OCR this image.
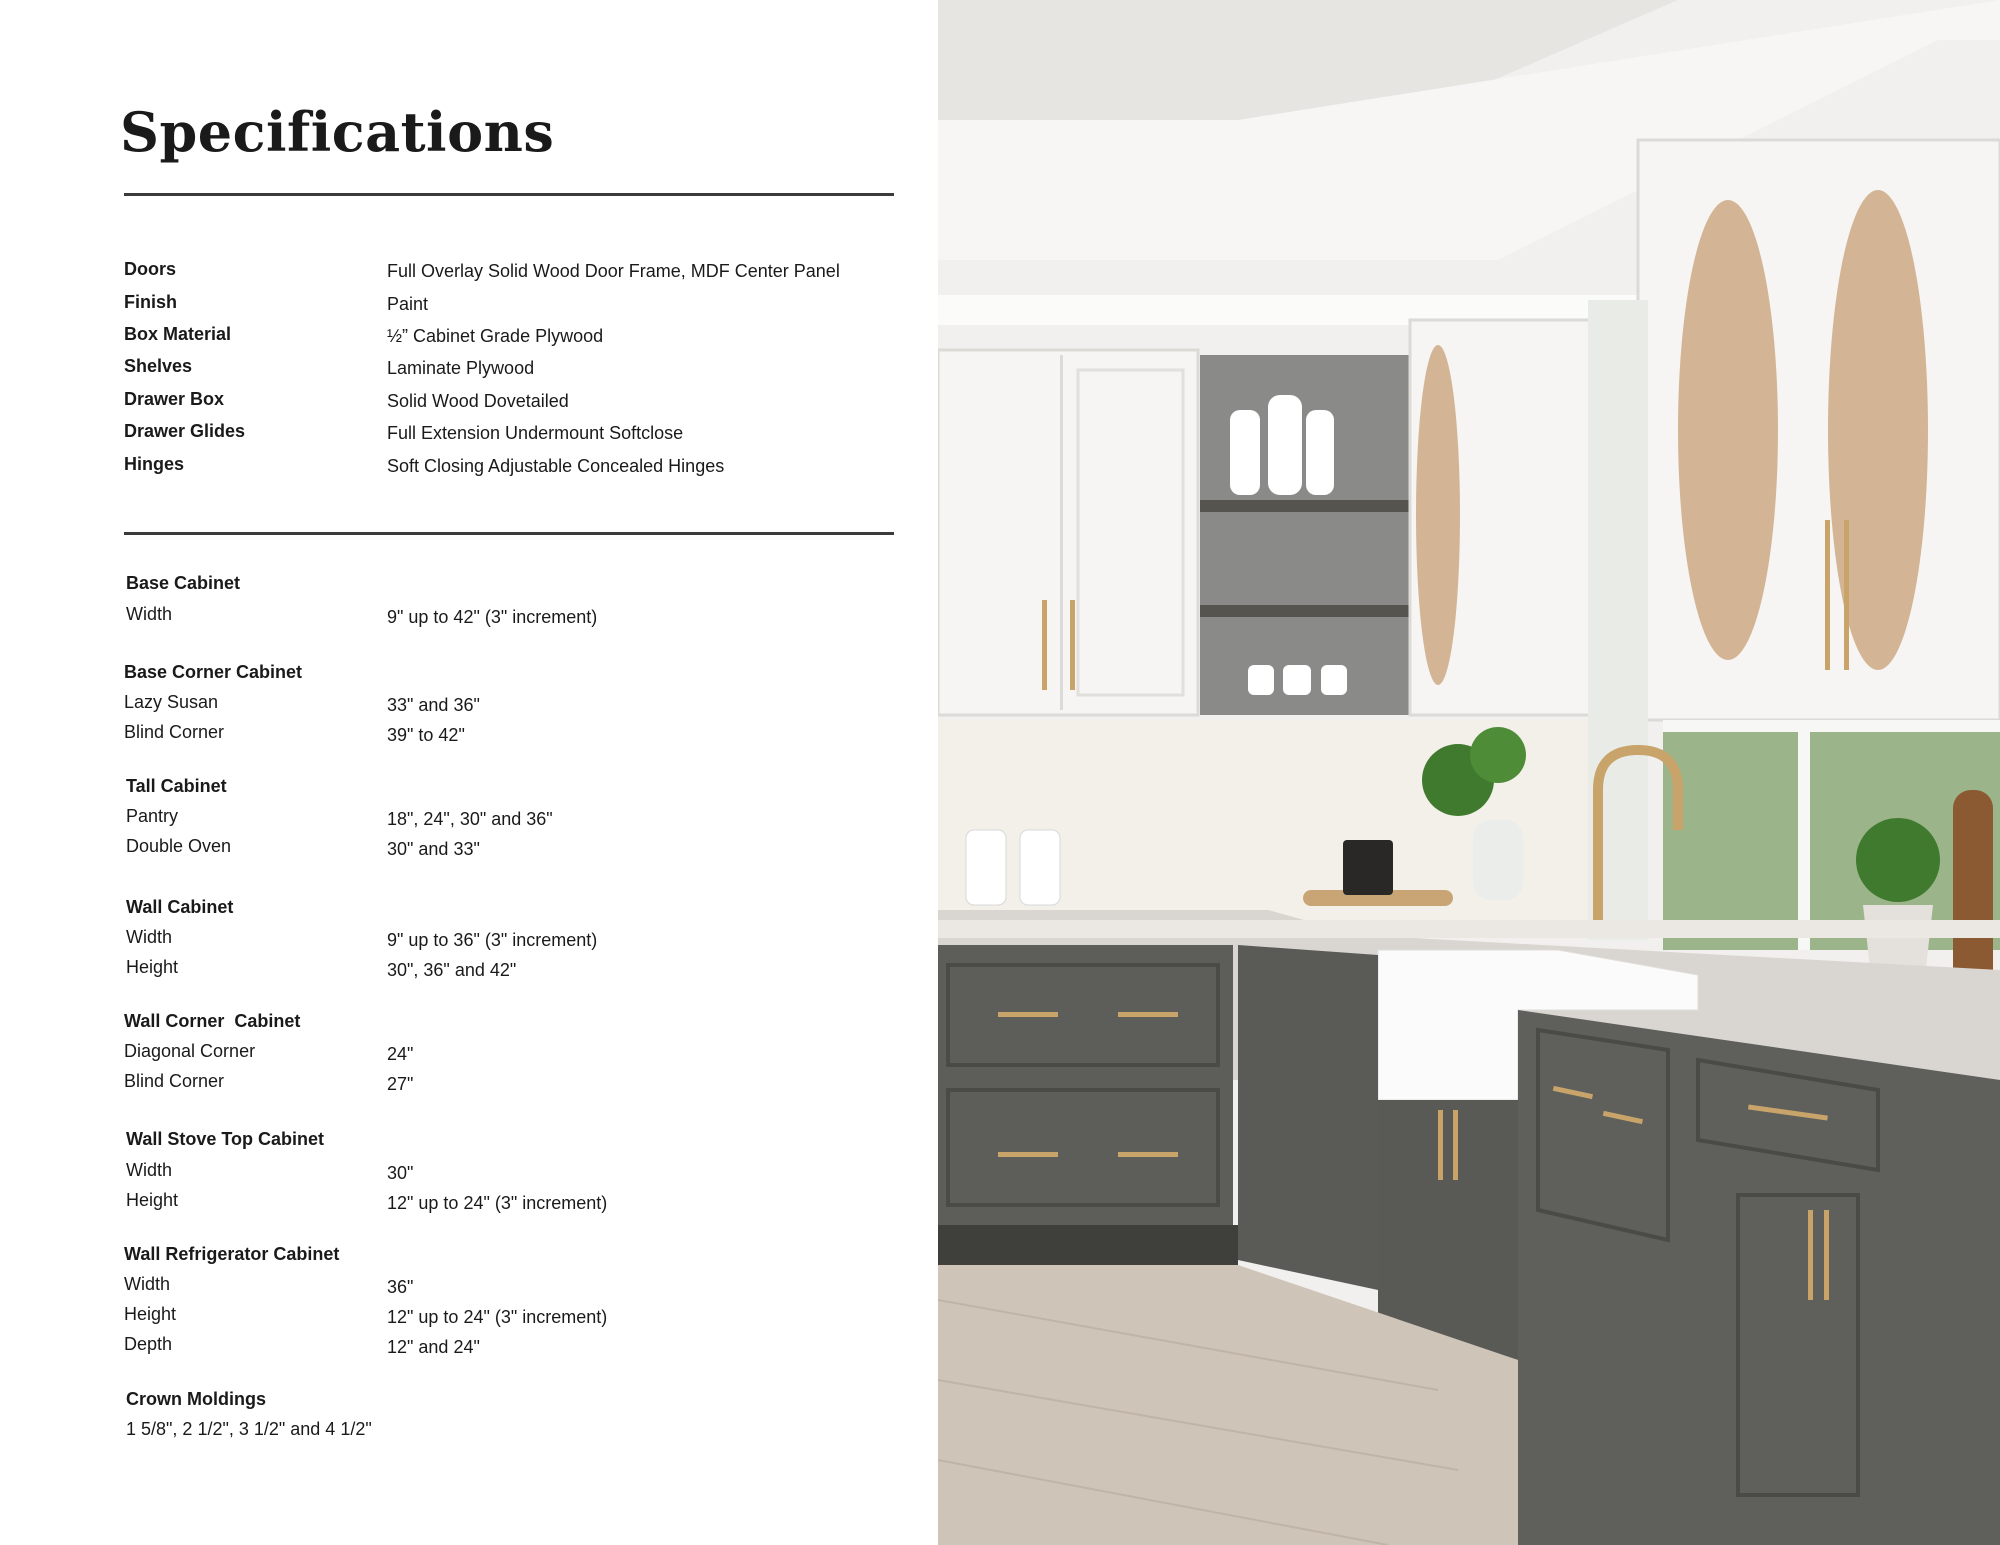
Specifications
Doors	Full Overlay Solid Wood Door Frame, MDF Center Panel
Finish	Paint
Box Material	½” Cabinet Grade Plywood
Shelves	Laminate Plywood
Drawer Box	Solid Wood Dovetailed
Drawer Glides	Full Extension Undermount Softclose
Hinges	Soft Closing Adjustable Concealed Hinges
Base Cabinet
Width	9" up to 42" (3" increment)
Base Corner Cabinet
Lazy Susan	33" and 36"
Blind Corner	39" to 42"
Tall Cabinet
Pantry	18", 24", 30" and 36"
Double Oven	30" and 33"
Wall Cabinet
Width	9" up to 36" (3" increment)
Height	30", 36" and 42"
Wall Corner  Cabinet
Diagonal Corner	24"
Blind Corner	27"
Wall Stove Top Cabinet
Width	30"
Height	12" up to 24" (3" increment)
Wall Refrigerator Cabinet
Width	36"
Height	12" up to 24" (3" increment)
Depth	12" and 24"
Crown Moldings
1 5/8", 2 1/2", 3 1/2" and 4 1/2"
